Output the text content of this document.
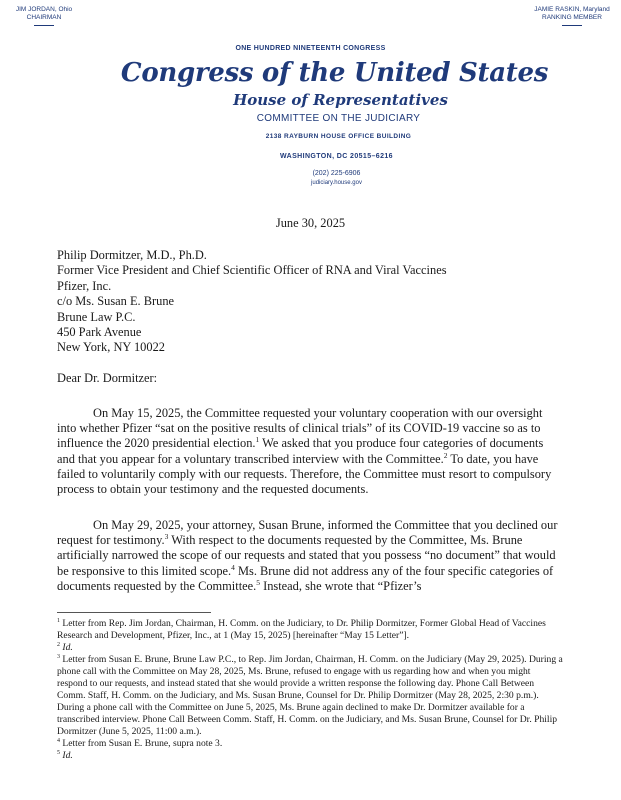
JIM JORDAN, Ohio
CHAIRMAN
JAMIE RASKIN, Maryland
RANKING MEMBER
ONE HUNDRED NINETEENTH CONGRESS
Congress of the United States
House of Representatives
COMMITTEE ON THE JUDICIARY
2138 RAYBURN HOUSE OFFICE BUILDING
WASHINGTON, DC 20515–6216
(202) 225-6906
judiciary.house.gov
June 30, 2025
Philip Dormitzer, M.D., Ph.D.
Former Vice President and Chief Scientific Officer of RNA and Viral Vaccines
Pfizer, Inc.
c/o Ms. Susan E. Brune
Brune Law P.C.
450 Park Avenue
New York, NY 10022
Dear Dr. Dormitzer:
On May 15, 2025, the Committee requested your voluntary cooperation with our oversight into whether Pfizer “sat on the positive results of clinical trials” of its COVID-19 vaccine so as to influence the 2020 presidential election.$^1$ We asked that you produce four categories of documents and that you appear for a voluntary transcribed interview with the Committee.$^2$ To date, you have failed to voluntarily comply with our requests. Therefore, the Committee must resort to compulsory process to obtain your testimony and the requested documents.
On May 29, 2025, your attorney, Susan Brune, informed the Committee that you declined our request for testimony.$^3$ With respect to the documents requested by the Committee, Ms. Brune artificially narrowed the scope of our requests and stated that you possess “no document” that would be responsive to this limited scope.$^4$ Ms. Brune did not address any of the four specific categories of documents requested by the Committee.$^5$ Instead, she wrote that “Pfizer’s

$^1$ Letter from Rep. Jim Jordan, Chairman, H. Comm. on the Judiciary, to Dr. Philip Dormitzer, Former Global Head of Vaccines Research and Development, Pfizer, Inc., at 1 (May 15, 2025) [hereinafter “May 15 Letter”].

$^2$ Id.

$^3$ Letter from Susan E. Brune, Brune Law P.C., to Rep. Jim Jordan, Chairman, H. Comm. on the Judiciary (May 29, 2025). During a phone call with the Committee on May 28, 2025, Ms. Brune, refused to engage with us regarding how and when you might respond to our requests, and instead stated that she would provide a written response the following day. Phone Call Between Comm. Staff, H. Comm. on the Judiciary, and Ms. Susan Brune, Counsel for Dr. Philip Dormitzer (May 28, 2025, 2:30 p.m.). During a phone call with the Committee on June 5, 2025, Ms. Brune again declined to make Dr. Dormitzer available for a transcribed interview. Phone Call Between Comm. Staff, H. Comm. on the Judiciary, and Ms. Susan Brune, Counsel for Dr. Philip Dormitzer (June 5, 2025, 11:00 a.m.).

$^4$ Letter from Susan E. Brune, supra note 3.

$^5$ Id.
